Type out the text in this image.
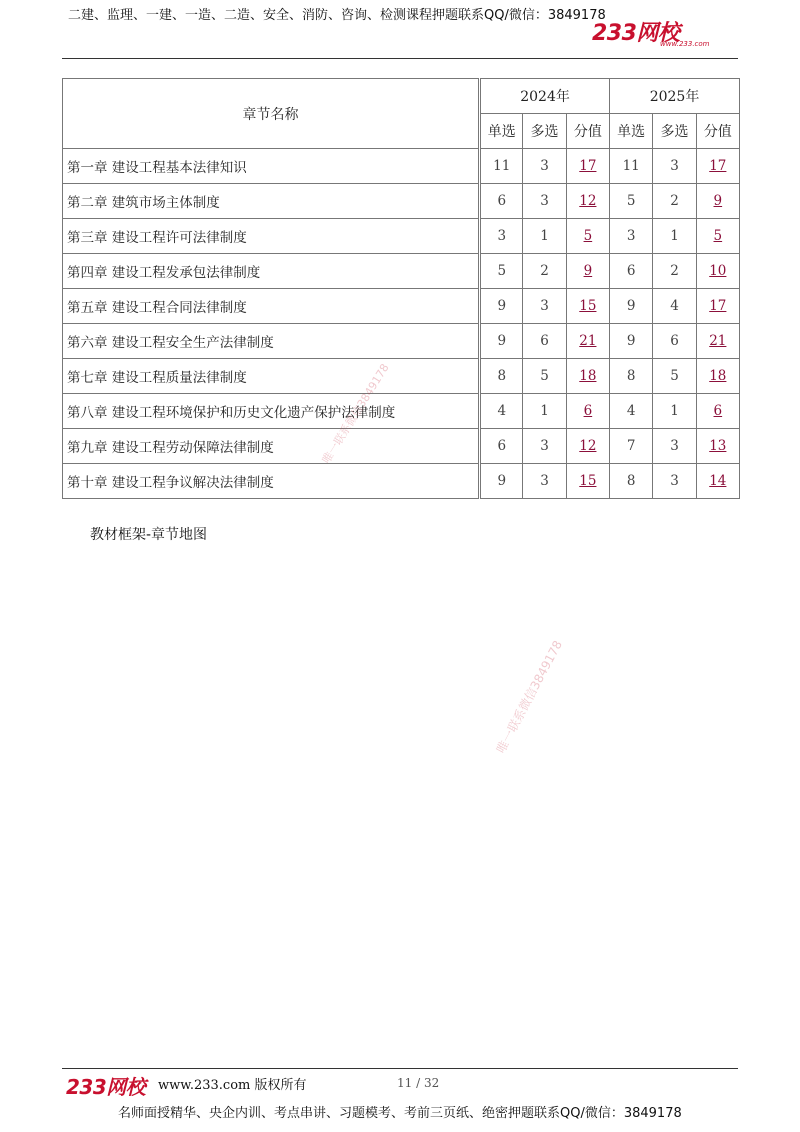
二建、监理、一建、一造、二造、安全、消防、咨询、检测课程押题联系QQ/微信：3849178
233网校
www.233.com
章节名称	2024年			2025年		
	单选	多选	分值	单选	多选	分值
第一章 建设工程基本法律知识	11	3	17	11	3	17
第二章 建筑市场主体制度	6	3	12	5	2	9
第三章 建设工程许可法律制度	3	1	5	3	1	5
第四章 建设工程发承包法律制度	5	2	9	6	2	10
第五章 建设工程合同法律制度	9	3	15	9	4	17
第六章 建设工程安全生产法律制度	9	6	21	9	6	21
第七章 建设工程质量法律制度	8	5	18	8	5	18
第八章 建设工程环境保护和历史文化遗产保护法律制度	4	1	6	4	1	6
第九章 建设工程劳动保障法律制度	6	3	12	7	3	13
第十章 建设工程争议解决法律制度	9	3	15	8	3	14
教材框架-章节地图
唯一联系微信3849178
唯一联系微信3849178
233网校 www.233.com 版权所有	11 / 32
名师面授精华、央企内训、考点串讲、习题模考、考前三页纸、绝密押题联系QQ/微信：3849178
